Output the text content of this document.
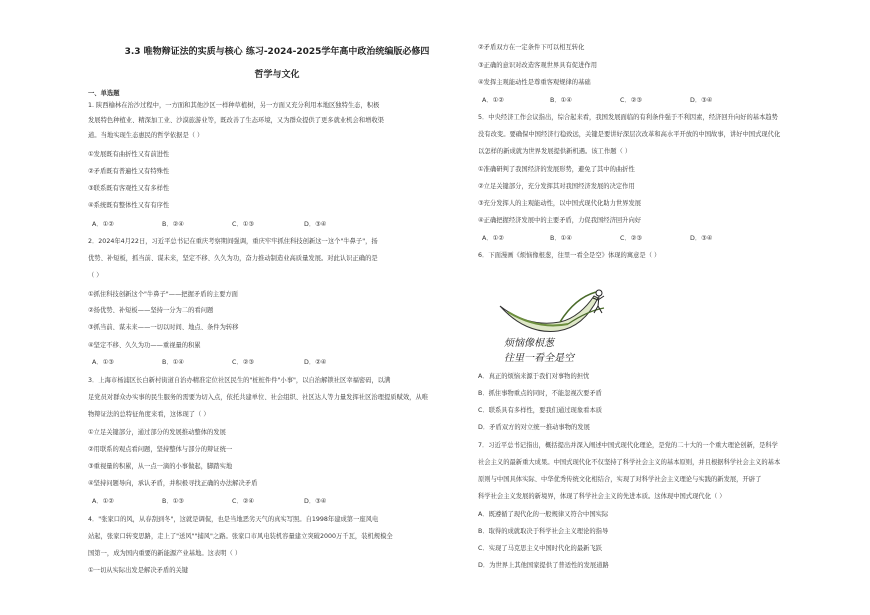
3.3 唯物辩证法的实质与核心 练习-2024-2025学年高中政治统编版必修四
哲学与文化
一、单选题
1. 陕西榆林在治沙过程中，一方面和其他沙区一样种草植树，另一方面又充分利用本地区独特生态，积极
发展特色种植业、精深加工业、沙漠旅游业等，既改善了生态环境，又为群众提供了更多就业机会和增收渠
道。当地实现生态惠民的哲学依据是（ ）
①发展既有曲折性又有前进性
②矛盾既有普遍性又有特殊性
③联系既有客观性又有多样性
④系统既有整体性又有有序性
A．①②	B．②④	C．①③	D．③④
2．2024年4月22日，习近平总书记在重庆考察期间强调，重庆牢牢抓住科技创新这一这个"牛鼻子"，扬
优势、补短板，抓当前、谋未来，坚定不移、久久为功，奋力推动制造业高质量发展。对此认识正确的是
（ ）
①抓住科技创新这个"牛鼻子"——把握矛盾的主要方面
②扬优势、补短板——坚持一分为二的看问题
③抓当前、谋未来——一切以时间、地点、条件为转移
④坚定不移、久久为功——重视量的积累
A．①③	B．①④	C．②③	D．②④
3．上海市杨浦区长白新村街道自治办精准定位社区民生的"桩桩件件"小事"，以自治解锁社区幸福密码，以满
足党员对群众办实事的民生服务的需要为切入点，依托共建单位、社会组织、社区达人等力量发挥社区治理提质赋效，从唯
物辩证法的总特征角度来看，这体现了（ ）
①立足关键部分，通过部分的发展推动整体的发展
②用联系的观点看问题，坚持整体与部分的辩证统一
③重视量的积累，从一点一滴的小事做起，脚踏实地
④坚持问题导向，承认矛盾，并积极寻找正确的办法解决矛盾
A．①②	B．①③	C．②④	D．③④
4．"张家口的风，从春刮到冬"，这就是调侃，也是当地恶劣天气的真实写照。自1998年建成第一座风电
站起，张家口转变思路，走上了"送风""捕风"之路。张家口市风电装机容量建立突破2000万千瓦，装机规模全
国第一，成为国内重要的新能源产业基地。这表明（ ）
①一切从实际出发是解决矛盾的关键
②矛盾双方在一定条件下可以相互转化
③正确的意识对改造客观世界具有促进作用
④发挥主观能动性是尊重客观规律的基础
A．①②	B．①④	C．②③	D．③④
5．中央经济工作会议指出，综合起来看，我国发展面临的有利条件强于不利因素，经济回升向好的基本趋势
没有改变。要确保中国经济行稳致远，关键是要讲好深层次改革和高水平开放的中国故事，讲好中国式现代化
以怎样的新成就为世界发展提供新机遇。该工作题（ ）
①准确研判了我国经济的发展形势，避免了其中的曲折性
②立足关键部分，充分发挥其对我国经济发展的决定作用
③充分发挥人的主观能动性，以中国式现代化助力世界发展
④正确把握经济发展中的主要矛盾，力促我国经济回升向好
A．①②	B．①④	C．②③	D．③④
6．下面漫画《烦恼像根葱，往里一看全是空》体现的寓意是（ ）
烦恼像根葱
往里一看全是空
A．真正的烦恼来源于我们对事物的担忧
B．抓住事物重点的同时，不能忽视次要矛盾
C．联系具有多样性，要我们通过现象看本质
D．矛盾双方的对立统一推动事物的发展
7．习近平总书记指出，概括提出并深入阐述中国式现代化理论，是党的二十大的一个重大理论创新，是科学
社会主义的最新重大成果。中国式现代化不仅坚持了科学社会主义的基本原则，并且根据科学社会主义的基本
原则与中国具体实际、中华优秀传统文化相结合，实现了对科学社会主义理论与实践的新发展，开辟了
科学社会主义发展的新境界，体现了科学社会主义的先进本质。这体现中国式现代化（ ）
A．既遵循了现代化的一般规律又符合中国实际
B．取得的成就取决于科学社会主义理论的指导
C．实现了马克思主义中国时代化的最新飞跃
D．为世界上其他国家提供了普适性的发展道路
